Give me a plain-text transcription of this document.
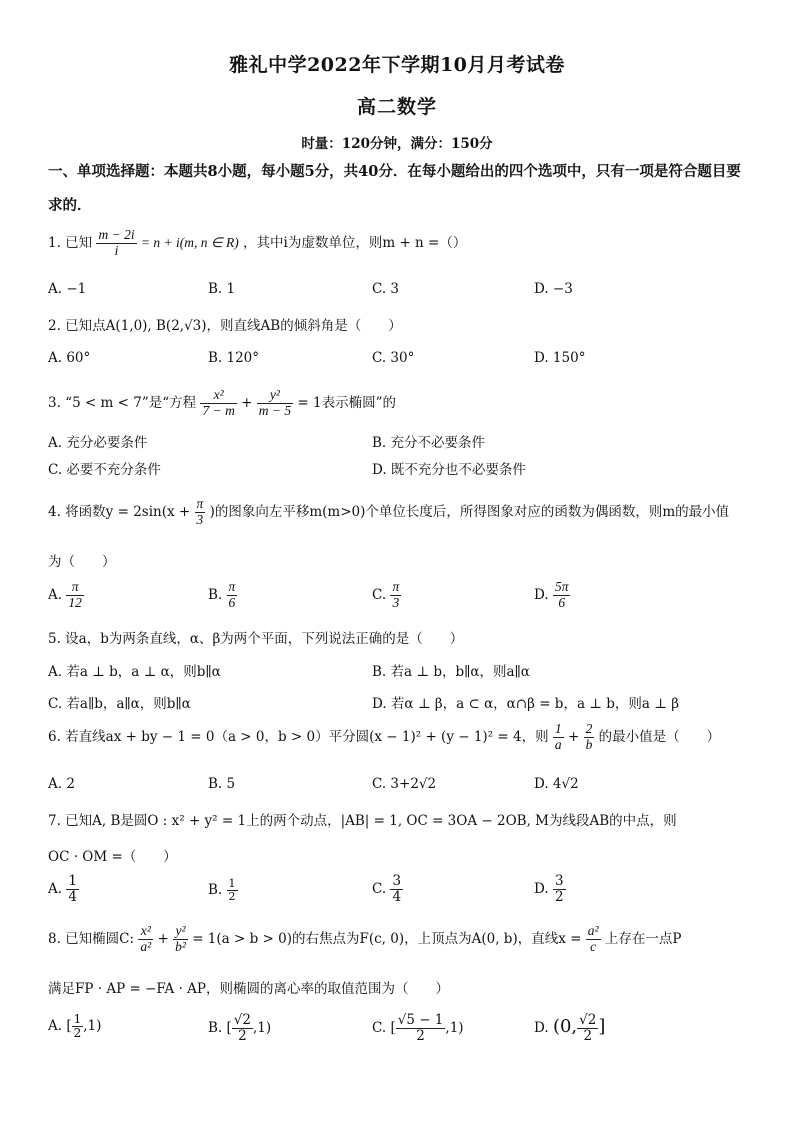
雅礼中学2022年下学期10月月考试卷
高二数学
时量：120分钟，满分：150分
一、单项选择题：本题共8小题，每小题5分，共40分．在每小题给出的四个选项中，只有一项是符合题目要求的．
1. 已知 $\frac{m - 2i}{i} = n + i(m$, n ∈ R) ，其中i为虚数单位，则m + n =（）
A. −1	B. 1	C. 3	D. −3
2. 已知点A(1,0), B(2,√3)，则直线AB的倾斜角是（　　）
A. 60°	B. 120°	C. 30°	D. 150°
3. “5 < m < 7”是“方程 $\frac{\text{x²}}{7 - m} + \frac{\text{y²}}{m - 5} = 1$表示椭圆”的
A. 充分必要条件	B. 充分不必要条件
C. 必要不充分条件	D. 既不充分也不必要条件
4. 将函数$y = 2\sin(x + \frac{\pi}{3}$ )的图象向左平移m(m>0)个单位长度后，所得图象对应的函数为偶函数，则m的最小值
为（　　）
A. $\frac{\pi}{12}$	B. $\frac{\pi}{6}$	C. $\frac{\pi}{3}$	D. $\frac{5\pi}{6}$
5. 设a，b为两条直线，α、β为两个平面，下列说法正确的是（　　）
A. 若a ⊥ b，a ⊥ α，则b∥α	B. 若a ⊥ b，b∥α，则a∥α
C. 若a∥b，a∥α，则b∥α	D. 若α ⊥ β，a ⊂ α，α∩β = b，a ⊥ b，则a ⊥ β
6. 若直线ax + by − 1 = 0（a > 0，b > 0）平分圆(x − 1)² + (y − 1)² = 4，则 $\frac{1}{a} + \frac{2}{b}$ 的最小值是（　　）
A. 2	B. 5	C. 3+2√2	D. 4√2
7. 已知A, B是圆O : x² + y² = 1上的两个动点，|AB| = 1, OC = 3OA − 2OB, M为线段AB的中点，则
OC · OM =（　　）
A. $\frac{1}{4}$	B. $\frac{1}{2}$	C. $\frac{3}{4}$	D. $\frac{3}{2}$
8. 已知椭圆C: $\frac{\text{x²}}{\text{a²}} + \frac{\text{y²}}{\text{b²}} = 1(a > b > 0)$的右焦点为F(c, 0)，上顶点为A(0, b)，直线$x = \frac{\text{a²}}{c}$ 上存在一点P
满足FP · AP = −FA · AP，则椭圆的离心率的取值范围为（　　）
A. [ $\frac{1}{2} ,1$)	B. [ $\frac{√2}{2} ,1$)	C. [ $\frac{√5 - 1}{2} ,1$)	D. (0, $\frac{√2}{2}$ ]
